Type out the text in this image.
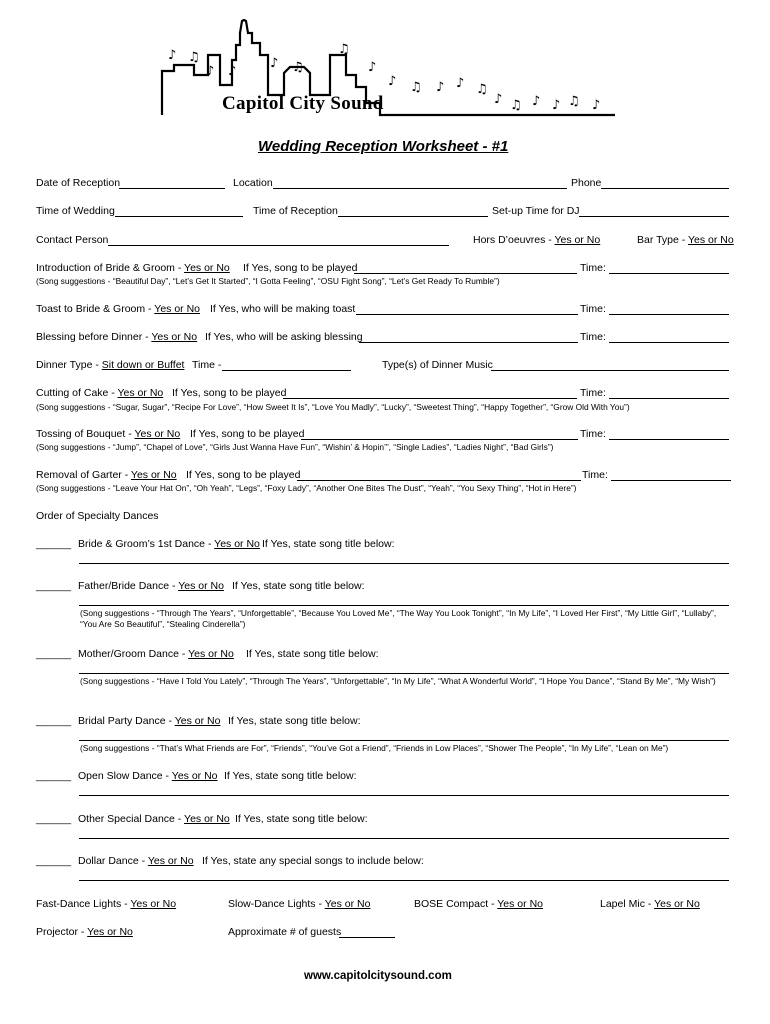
♪ ♫
♪ ♪
♪ ♫
♫
♪
♪ ♫ ♪ ♪ ♫
♪ ♫ ♪ ♪ ♫ ♪
Capitol City Sound
Wedding Reception Worksheet - #1
Date of Reception	Location	Phone
Time of Wedding	Time of Reception	Set-up Time for DJ
Contact Person	Hors D’oeuvres - Yes or No	Bar Type - Yes or No
Introduction of Bride & Groom - Yes or No If Yes, song to be played	Time:
(Song suggestions - “Beautiful Day”, “Let’s Get It Started”, “I Gotta Feeling”, “OSU Fight Song”, “Let’s Get Ready To Rumble”)
Toast to Bride & Groom - Yes or No If Yes, who will be making toast	Time:
Blessing before Dinner - Yes or No If Yes, who will be asking blessing	Time:
Dinner Type - Sit down or Buffet Time -	Type(s) of Dinner Music
Cutting of Cake - Yes or No If Yes, song to be played	Time:
(Song suggestions - “Sugar, Sugar”, “Recipe For Love”, “How Sweet It Is”, “Love You Madly”, “Lucky”, “Sweetest Thing”, “Happy Together”, “Grow Old With You”)
Tossing of Bouquet - Yes or No If Yes, song to be played	Time:
(Song suggestions - “Jump”, “Chapel of Love”, “Girls Just Wanna Have Fun”, “Wishin’ & Hopin’”, “Single Ladies”, “Ladies Night”, “Bad Girls”)
Removal of Garter - Yes or No If Yes, song to be played	Time:
(Song suggestions - “Leave Your Hat On”, “Oh Yeah”, “Legs”, “Foxy Lady”, “Another One Bites The Dust”, “Yeah”, “You Sexy Thing”, “Hot in Here”)
Order of Specialty Dances
______ Bride & Groom’s 1st Dance - Yes or No If Yes, state song title below:
______ Father/Bride Dance - Yes or No If Yes, state song title below:
(Song suggestions - “Through The Years”, “Unforgettable”, “Because You Loved Me”, “The Way You Look Tonight”, “In My Life”, “I Loved Her First”, “My Little Girl”, “Lullaby”, “You Are So Beautiful”, “Stealing Cinderella”)
______ Mother/Groom Dance - Yes or No If Yes, state song title below:
(Song suggestions - “Have I Told You Lately”, “Through The Years”, “Unforgettable”, “In My Life”, “What A Wonderful World”, “I Hope You Dance”, “Stand By Me”, “My Wish”)
______ Bridal Party Dance - Yes or No If Yes, state song title below:
(Song suggestions - “That’s What Friends are For”, “Friends”, “You’ve Got a Friend”, “Friends in Low Places”, “Shower The People”, “In My Life”, “Lean on Me”)
______ Open Slow Dance - Yes or No If Yes, state song title below:
______ Other Special Dance - Yes or No If Yes, state song title below:
______ Dollar Dance - Yes or No If Yes, state any special songs to include below:
Fast-Dance Lights - Yes or No	Slow-Dance Lights - Yes or No	BOSE Compact - Yes or No	Lapel Mic - Yes or No
Projector - Yes or No	Approximate # of guests
www.capitolcitysound.com
